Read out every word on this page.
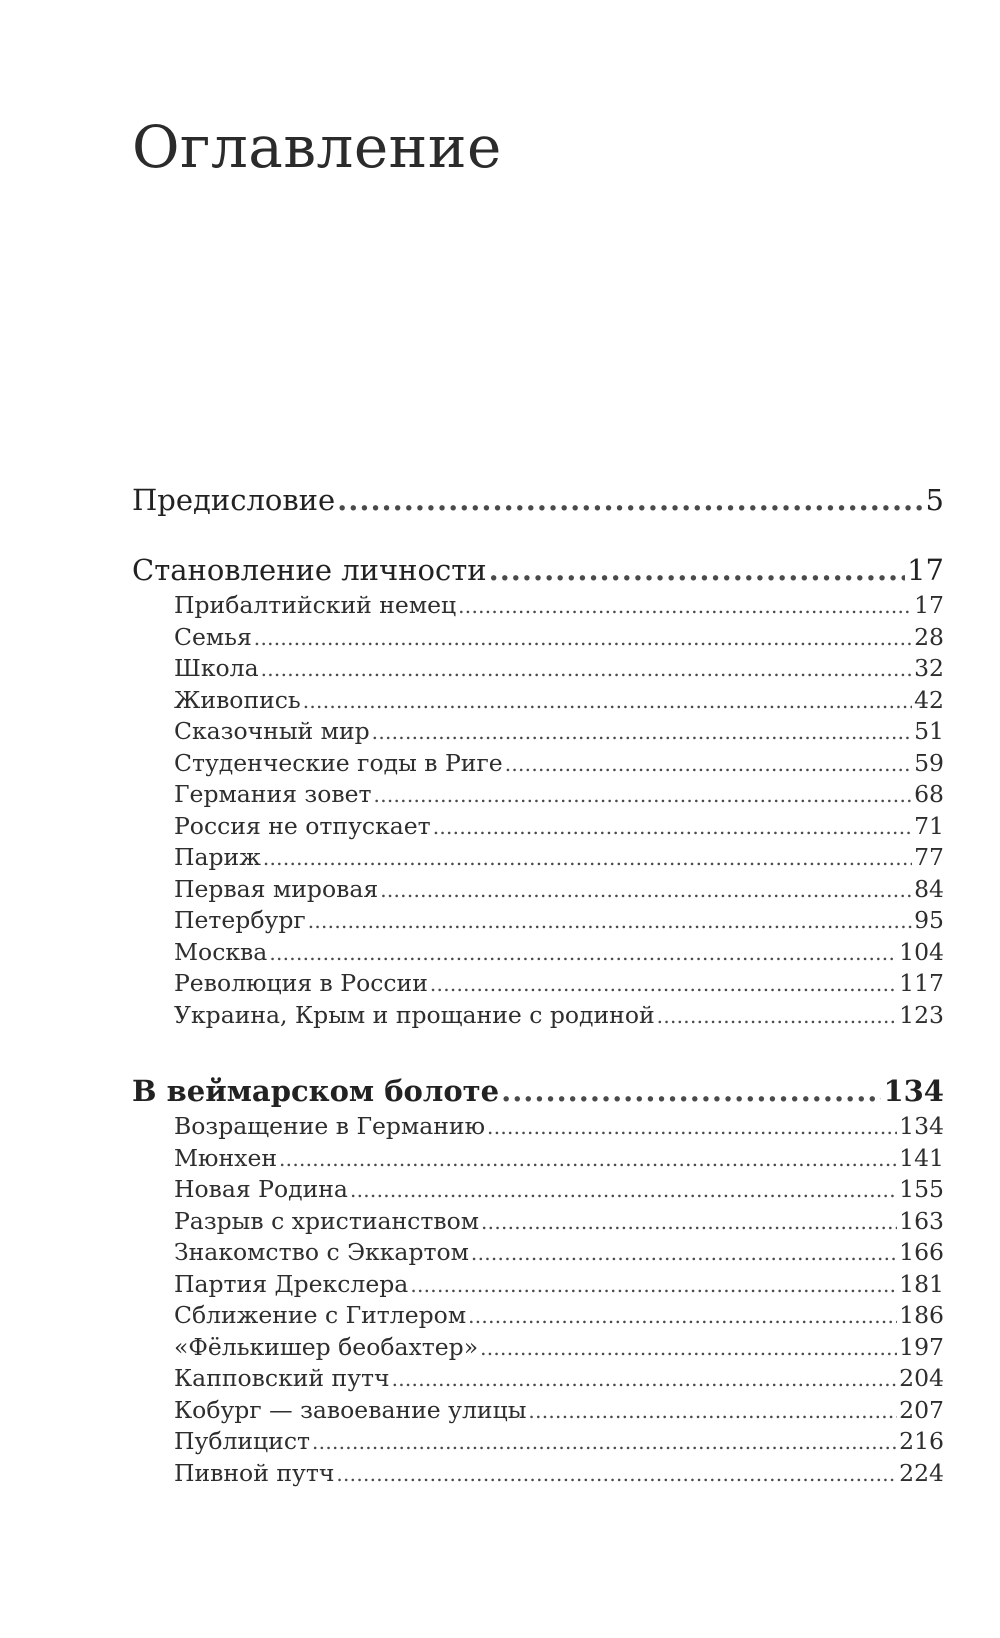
Оглавление
Предисловие .....	5
Становление личности .....	17
Прибалтийский немец .....	17
Семья .....	28
Школа .....	32
Живопись .....	42
Сказочный мир .....	51
Студенческие годы в Риге .....	59
Германия зовет .....	68
Россия не отпускает .....	71
Париж .....	77
Первая мировая .....	84
Петербург .....	95
Москва .....	104
Революция в России .....	117
Украина, Крым и прощание с родиной .....	123
В веймарском болоте .....	134
Возращение в Германию .....	134
Мюнхен .....	141
Новая Родина .....	155
Разрыв с христианством .....	163
Знакомство с Эккартом .....	166
Партия Дрекслера .....	181
Сближение с Гитлером .....	186
«Фёлькишер беобахтер» .....	197
Капповский путч .....	204
Кобург — завоевание улицы .....	207
Публицист .....	216
Пивной путч .....	224
